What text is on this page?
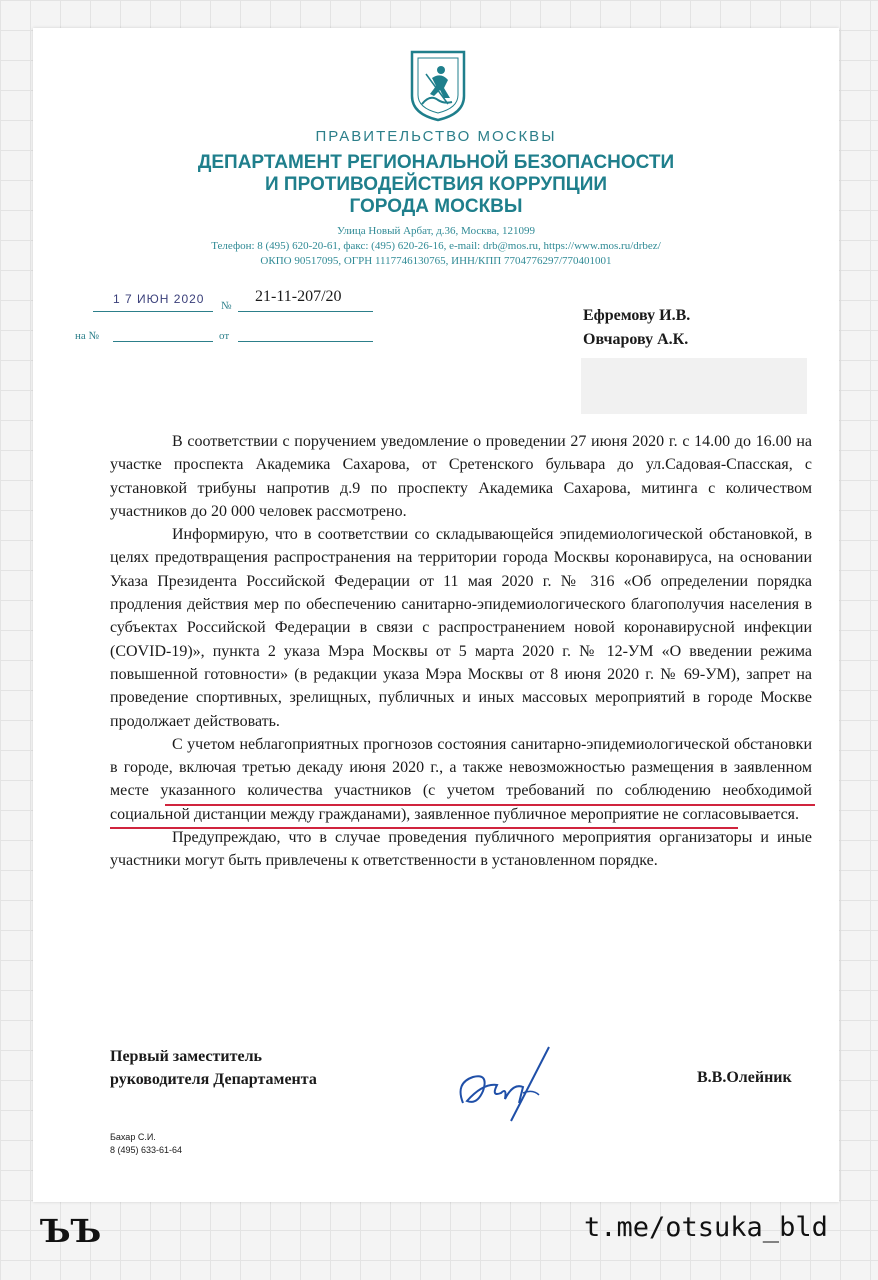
ПРАВИТЕЛЬСТВО МОСКВЫ
ДЕПАРТАМЕНТ РЕГИОНАЛЬНОЙ БЕЗОПАСНОСТИ
И ПРОТИВОДЕЙСТВИЯ КОРРУПЦИИ
ГОРОДА МОСКВЫ
Улица Новый Арбат, д.36, Москва, 121099
Телефон: 8 (495) 620-20-61, факс: (495) 620-26-16, e-mail: drb@mos.ru, https://www.mos.ru/drbez/
ОКПО 90517095, ОГРН 1117746130765, ИНН/КПП 7704776297/770401001
1 7 ИЮН 2020 №
21-11-207/20
на №	от
Ефремову И.В.
Овчарову А.К.

В соответствии с поручением уведомление о проведении 27 июня 2020 г. с 14.00 до 16.00 на участке проспекта Академика Сахарова, от Сретенского бульвара до ул.Садовая-Спасская, с установкой трибуны напротив д.9 по проспекту Академика Сахарова, митинга с количеством участников до 20 000 человек рассмотрено.

Информирую, что в соответствии со складывающейся эпидемиологической обстановкой, в целях предотвращения распространения на территории города Москвы коронавируса, на основании Указа Президента Российской Федерации от 11 мая 2020 г. № 316 «Об определении порядка продления действия мер по обеспечению санитарно-эпидемиологического благополучия населения в субъектах Российской Федерации в связи с распространением новой коронавирусной инфекции (COVID-19)», пункта 2 указа Мэра Москвы от 5 марта 2020 г. № 12-УМ «О введении режима повышенной готовности» (в редакции указа Мэра Москвы от 8 июня 2020 г. № 69-УМ), запрет на проведение спортивных, зрелищных, публичных и иных массовых мероприятий в городе Москве продолжает действовать.

С учетом неблагоприятных прогнозов состояния санитарно-эпидемиологической обстановки в городе, включая третью декаду июня 2020 г., а также невозможностью размещения в заявленном месте указанного количества участников (с учетом требований по соблюдению необходимой социальной дистанции между гражданами), заявленное публичное мероприятие не согласовывается.

Предупреждаю, что в случае проведения публичного мероприятия организаторы и иные участники могут быть привлечены к ответственности в установленном порядке.

Первый заместитель
руководителя Департамента	В.В.Олейник
Бахар С.И.
8 (495) 633-61-64
ЪЪ	t.me/otsuka_bld
